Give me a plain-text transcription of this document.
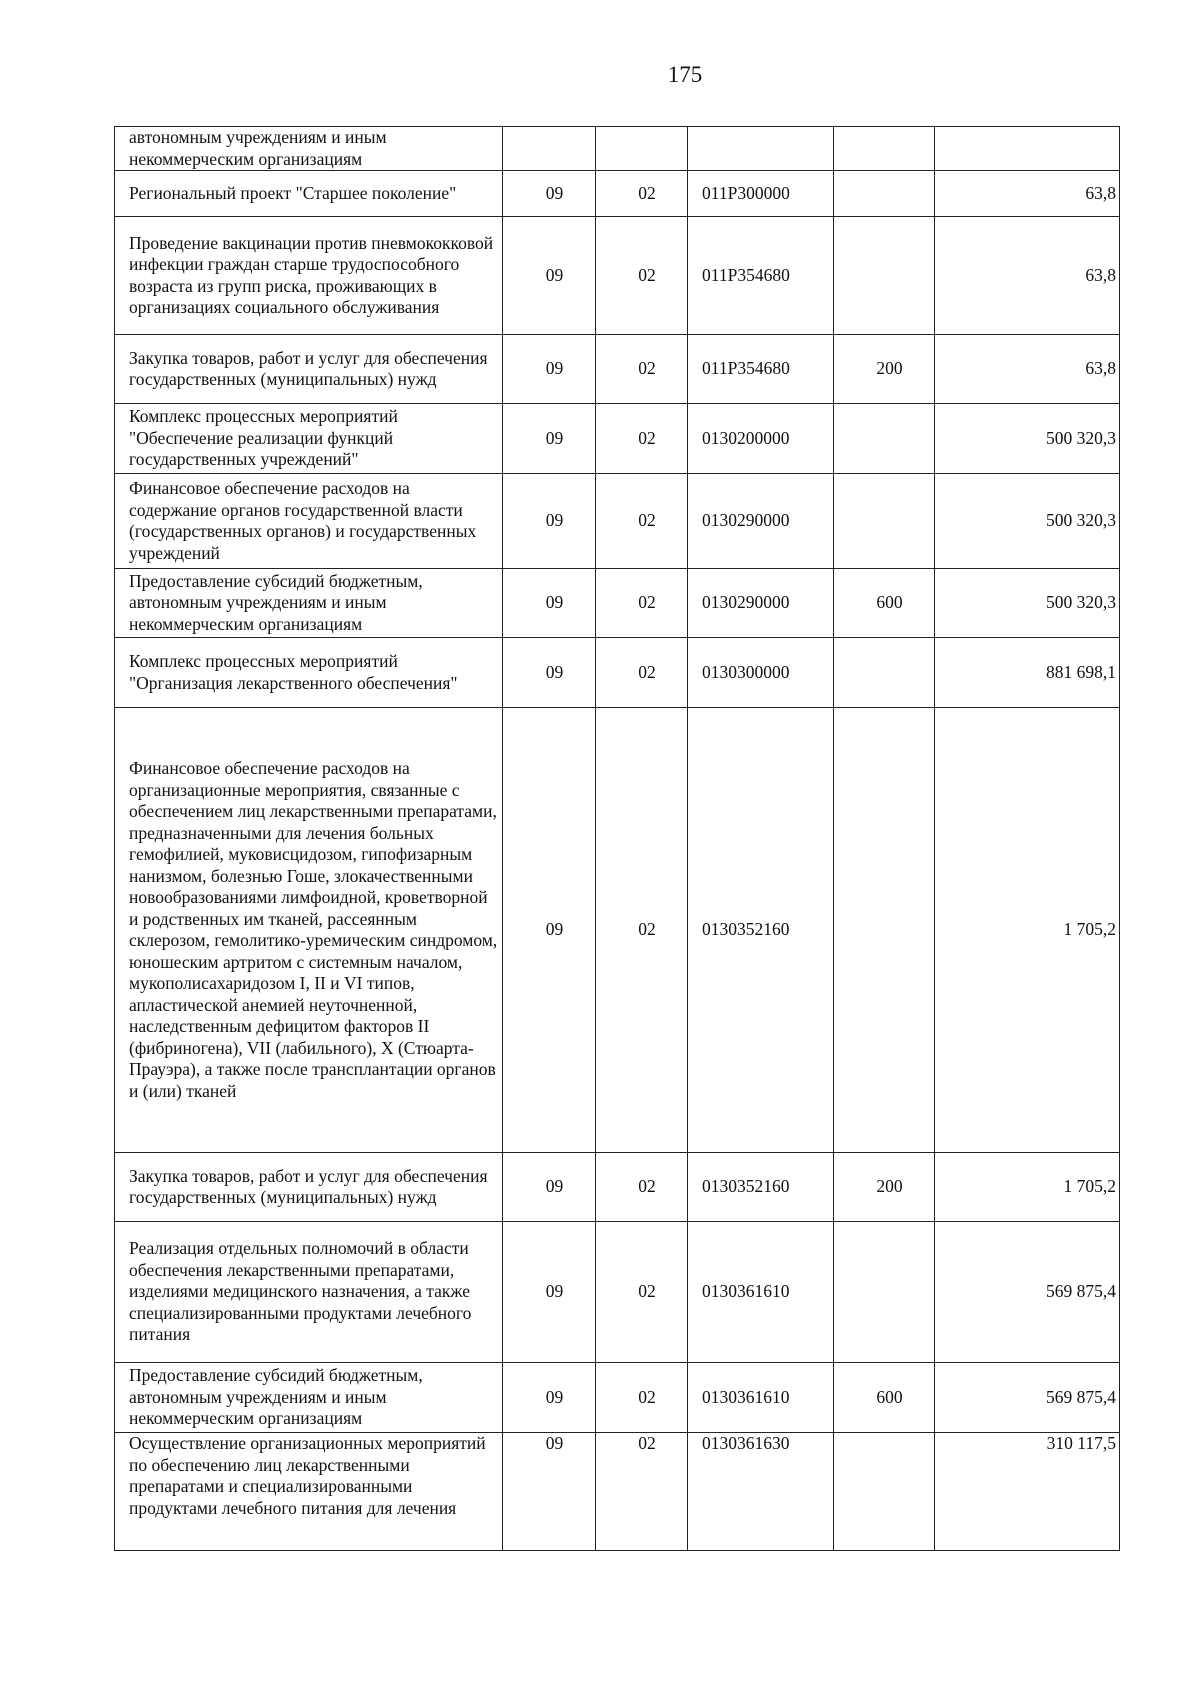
175
автономным учреждениям и иным некоммерческим организациям					
Региональный проект "Старшее поколение"	09	02	011Р300000		63,8
Проведение вакцинации против пневмококковой инфекции граждан старше трудоспособного возраста из групп риска, проживающих в организациях социального обслуживания	09	02	011Р354680		63,8
Закупка товаров, работ и услуг для обеспечения государственных (муниципальных) нужд	09	02	011Р354680	200	63,8
Комплекс процессных мероприятий "Обеспечение реализации функций государственных учреждений"	09	02	0130200000		500 320,3
Финансовое обеспечение расходов на содержание органов государственной власти (государственных органов) и государственных учреждений	09	02	0130290000		500 320,3
Предоставление субсидий бюджетным, автономным учреждениям и иным некоммерческим организациям	09	02	0130290000	600	500 320,3
Комплекс процессных мероприятий "Организация лекарственного обеспечения"	09	02	0130300000		881 698,1
Финансовое обеспечение расходов на организационные мероприятия, связанные с обеспечением лиц лекарственными препаратами, предназначенными для лечения больных гемофилией, муковисцидозом, гипофизарным нанизмом, болезнью Гоше, злокачественными новообразованиями лимфоидной, кроветворной и родственных им тканей, рассеянным склерозом, гемолитико-уремическим синдромом, юношеским артритом с системным началом, мукополисахаридозом I, II и VI типов, апластической анемией неуточненной, наследственным дефицитом факторов II (фибриногена), VII (лабильного), X (Стюарта-Прауэра), а также после трансплантации органов и (или) тканей	09	02	0130352160		1 705,2
Закупка товаров, работ и услуг для обеспечения государственных (муниципальных) нужд	09	02	0130352160	200	1 705,2
Реализация отдельных полномочий в области обеспечения лекарственными препаратами, изделиями медицинского назначения, а также специализированными продуктами лечебного питания	09	02	0130361610		569 875,4
Предоставление субсидий бюджетным, автономным учреждениям и иным некоммерческим организациям	09	02	0130361610	600	569 875,4
Осуществление организационных мероприятий по обеспечению лиц лекарственными препаратами и специализированными продуктами лечебного питания для лечения	09	02	0130361630		310 117,5
